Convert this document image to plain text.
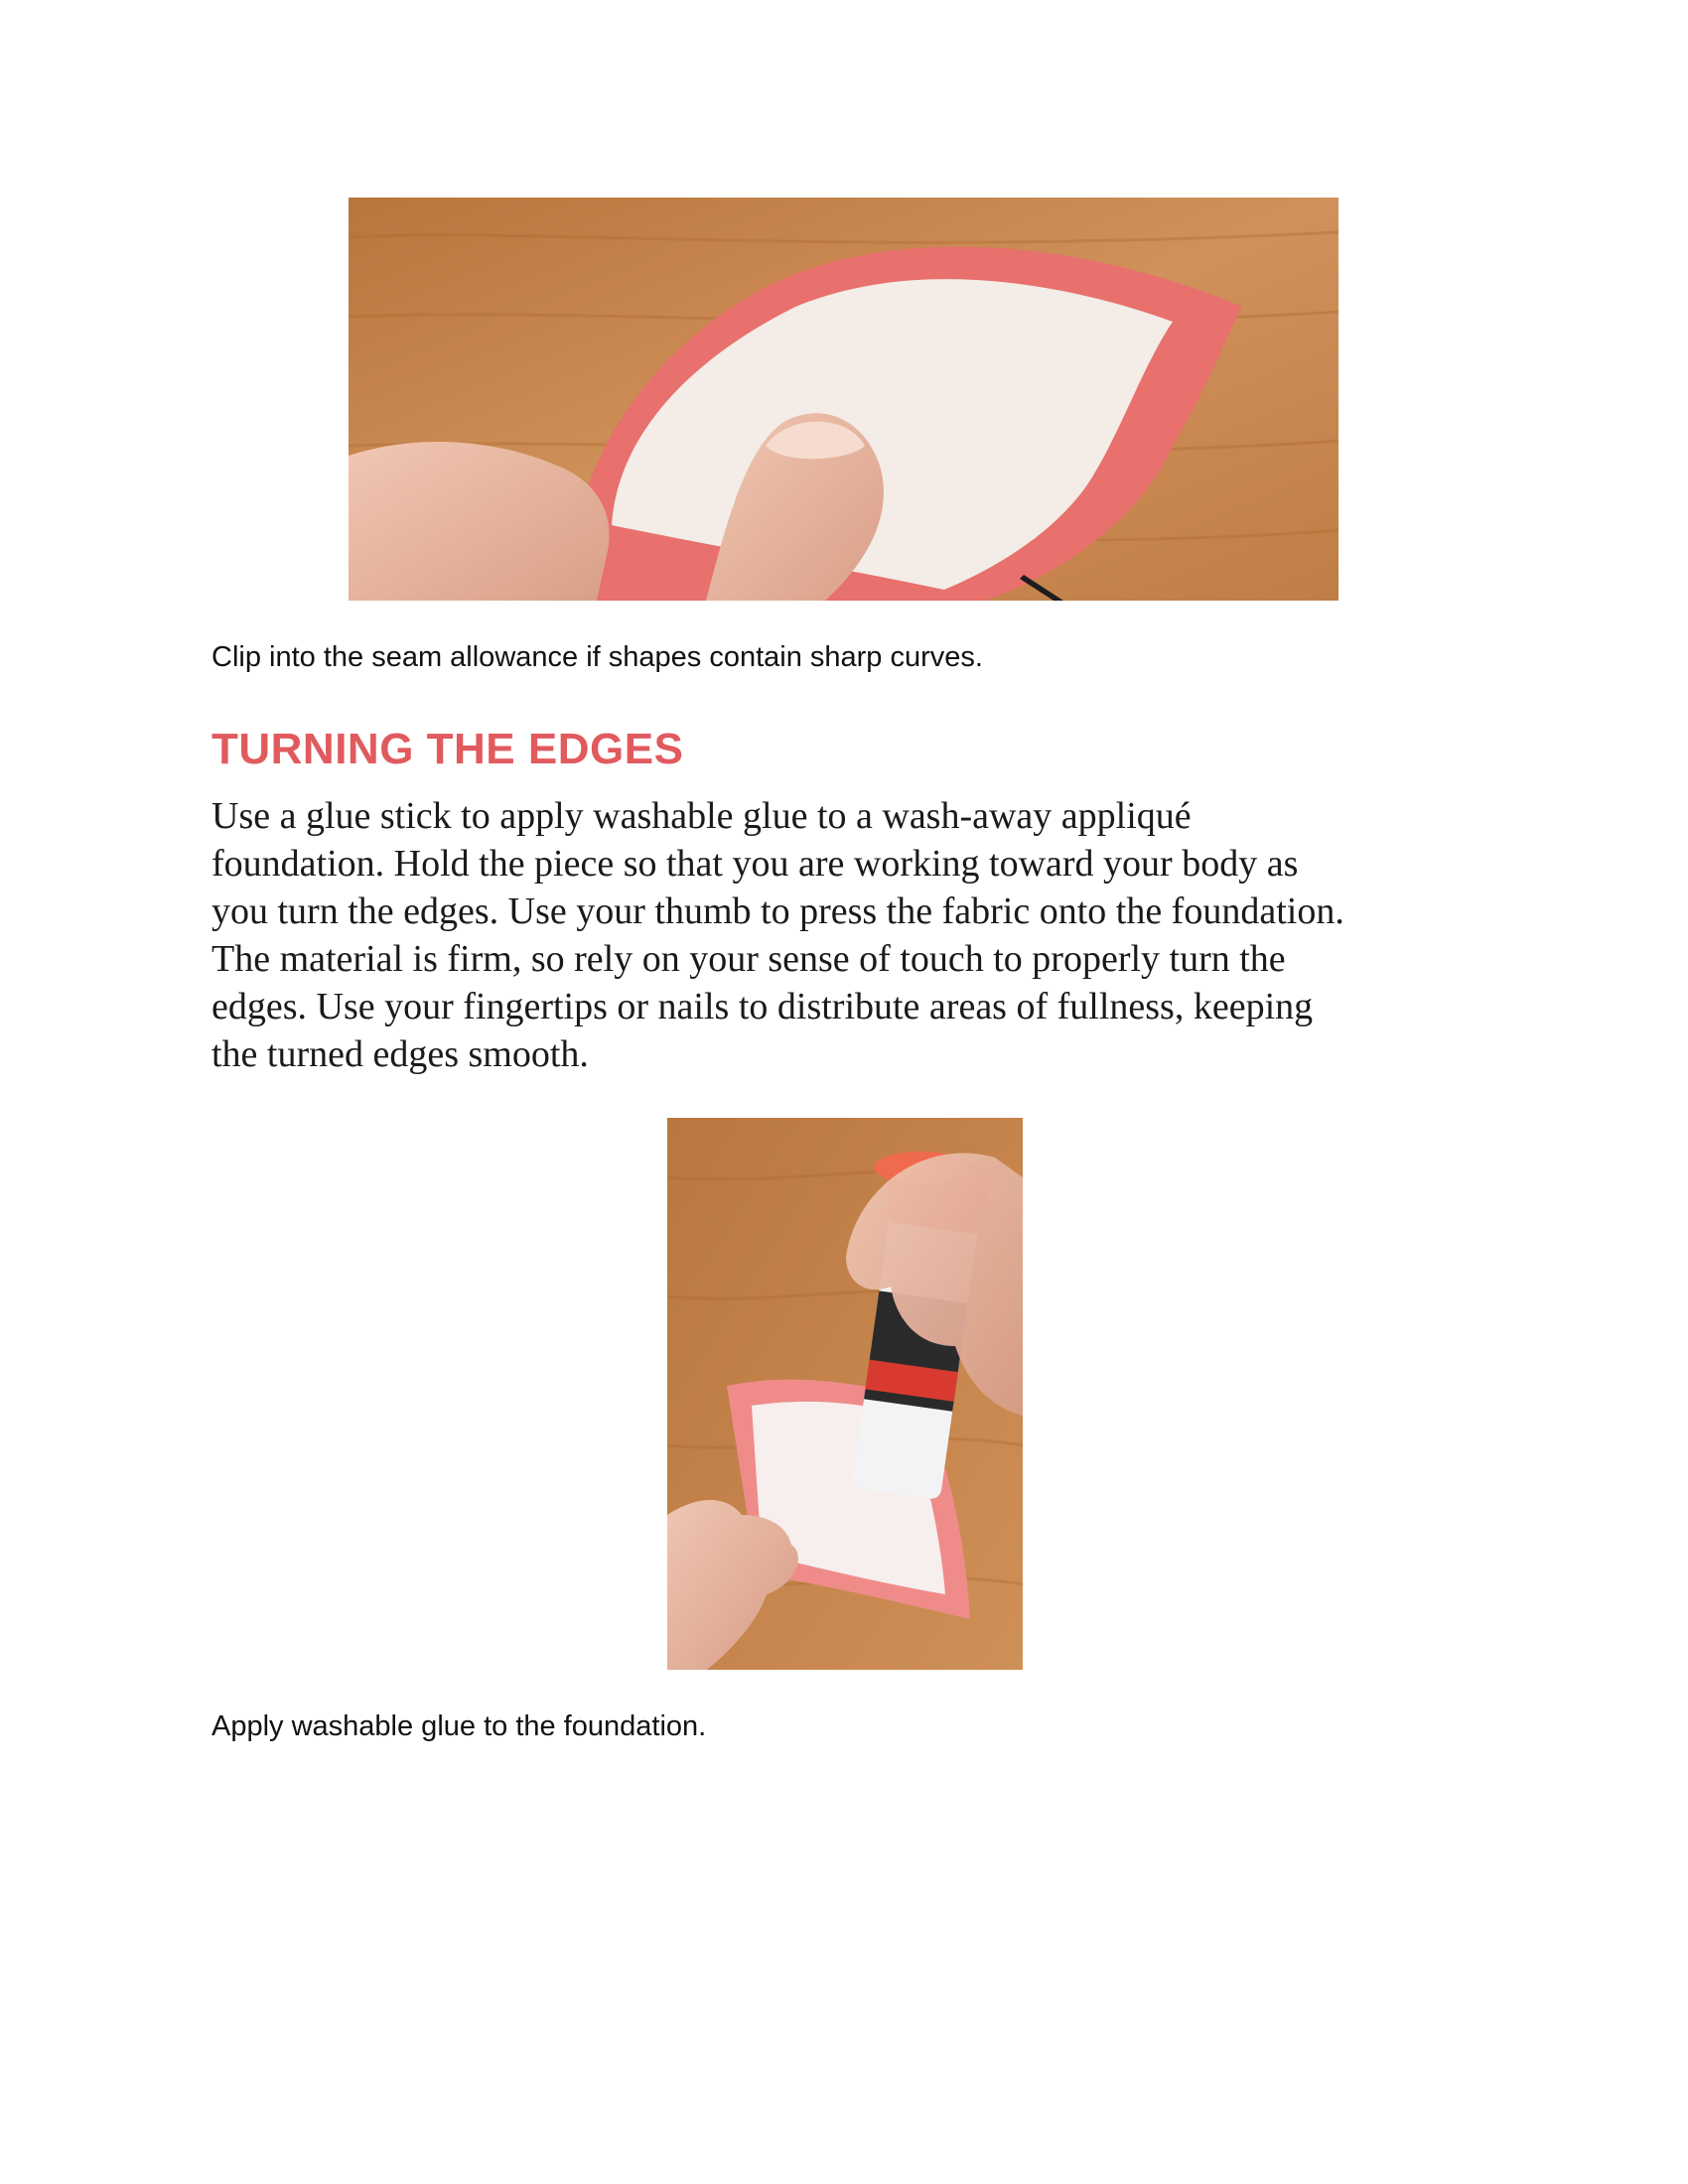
Clip into the seam allowance if shapes contain sharp curves.

TURNING THE EDGES
Use a glue stick to apply washable glue to a wash-away appliqué
foundation. Hold the piece so that you are working toward your body as
you turn the edges. Use your thumb to press the fabric onto the foundation.
The material is firm, so rely on your sense of touch to properly turn the
edges. Use your fingertips or nails to distribute areas of fullness, keeping
the turned edges smooth.

Apply washable glue to the foundation.
